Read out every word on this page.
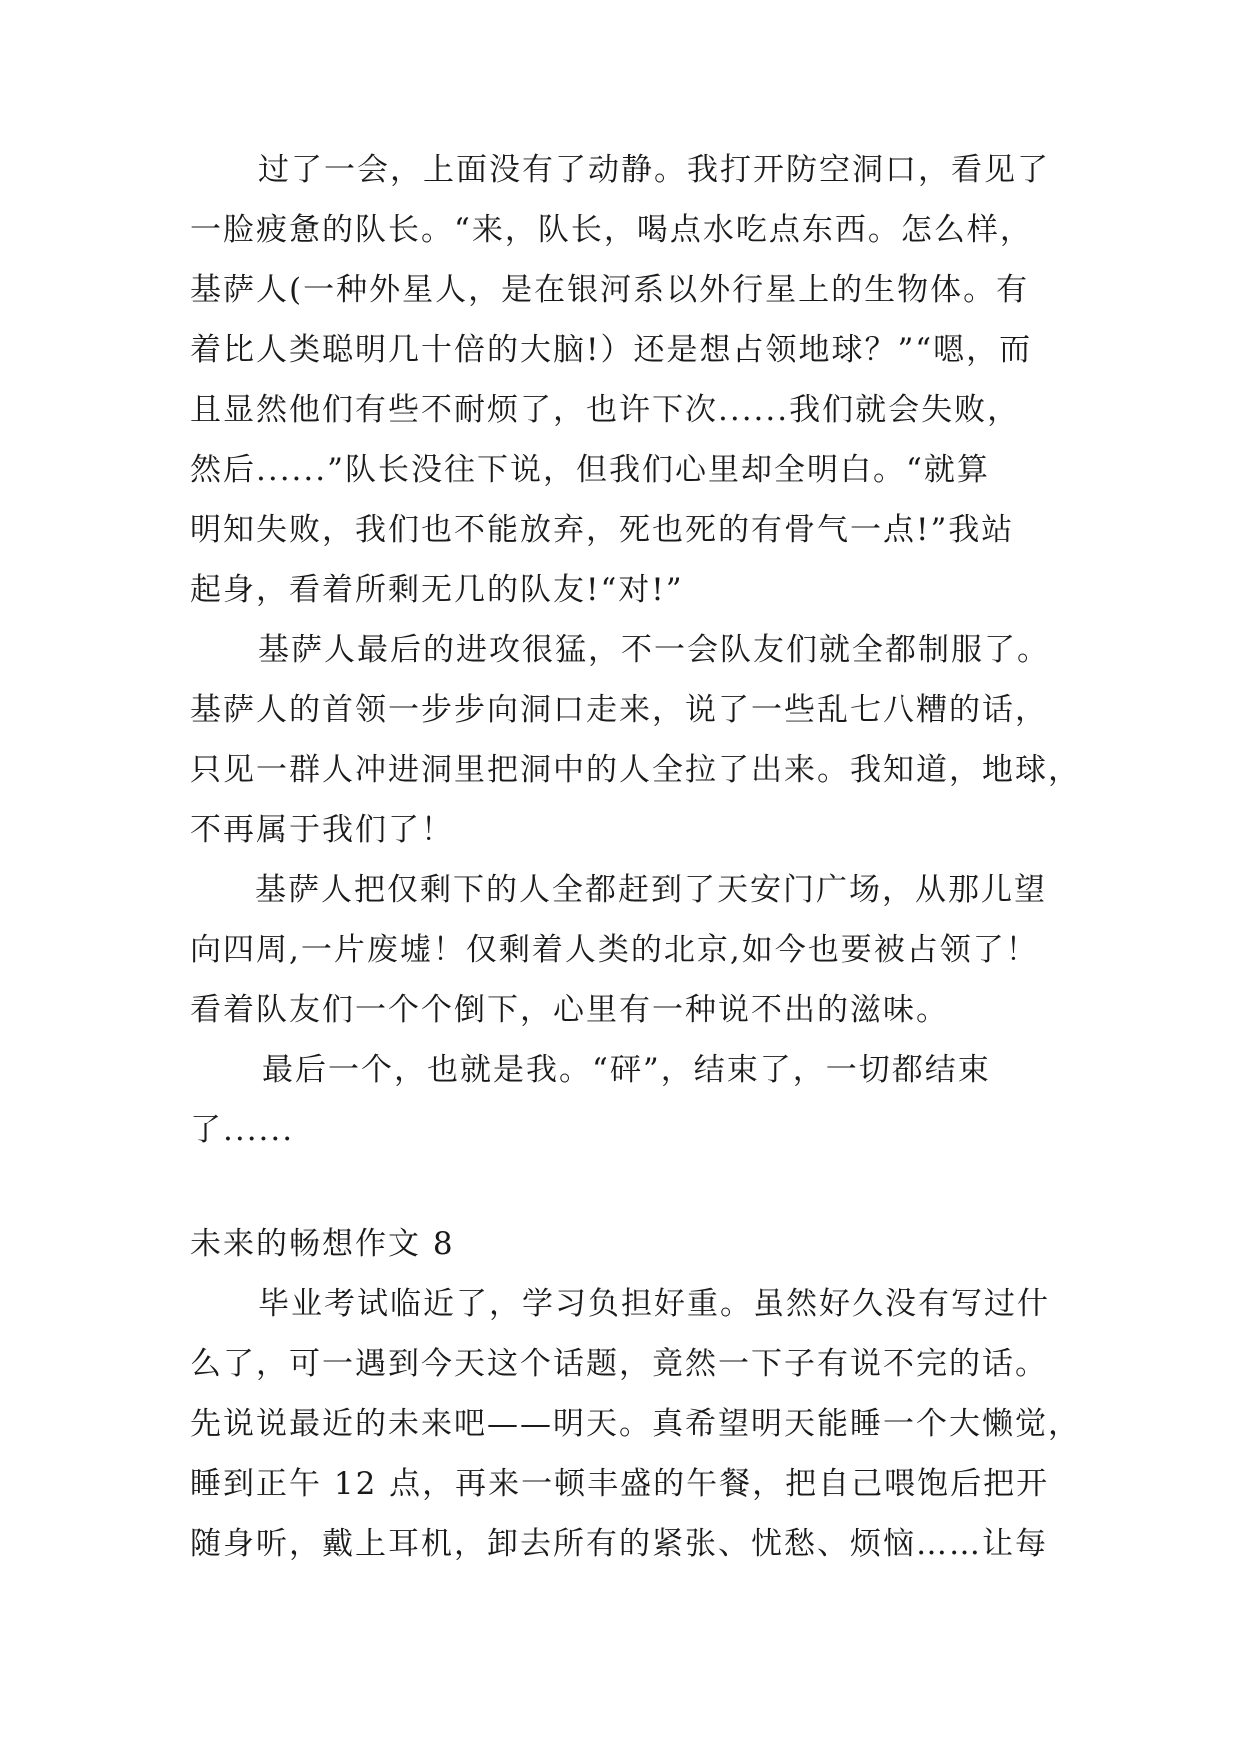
过了一会，上面没有了动静。我打开防空洞口，看见了
一脸疲惫的队长。“来，队长，喝点水吃点东西。怎么样，
基萨人(一种外星人，是在银河系以外行星上的生物体。有
着比人类聪明几十倍的大脑!）还是想占领地球？”“嗯，而
且显然他们有些不耐烦了，也许下次......我们就会失败，
然后......”队长没往下说，但我们心里却全明白。“就算
明知失败，我们也不能放弃，死也死的有骨气一点!”我站
起身，看着所剩无几的队友!“对!”
基萨人最后的进攻很猛，不一会队友们就全都制服了。
基萨人的首领一步步向洞口走来，说了一些乱七八糟的话，
只见一群人冲进洞里把洞中的人全拉了出来。我知道，地球，
不再属于我们了！
基萨人把仅剩下的人全都赶到了天安门广场，从那儿望
向四周,一片废墟！仅剩着人类的北京,如今也要被占领了！
看着队友们一个个倒下，心里有一种说不出的滋味。
最后一个，也就是我。“砰”，结束了，一切都结束
了......
未来的畅想作文 8
毕业考试临近了，学习负担好重。虽然好久没有写过什
么了，可一遇到今天这个话题，竟然一下子有说不完的话。
先说说最近的未来吧——明天。真希望明天能睡一个大懒觉，
睡到正午 12 点，再来一顿丰盛的午餐，把自己喂饱后把开
随身听，戴上耳机，卸去所有的紧张、忧愁、烦恼……让每
